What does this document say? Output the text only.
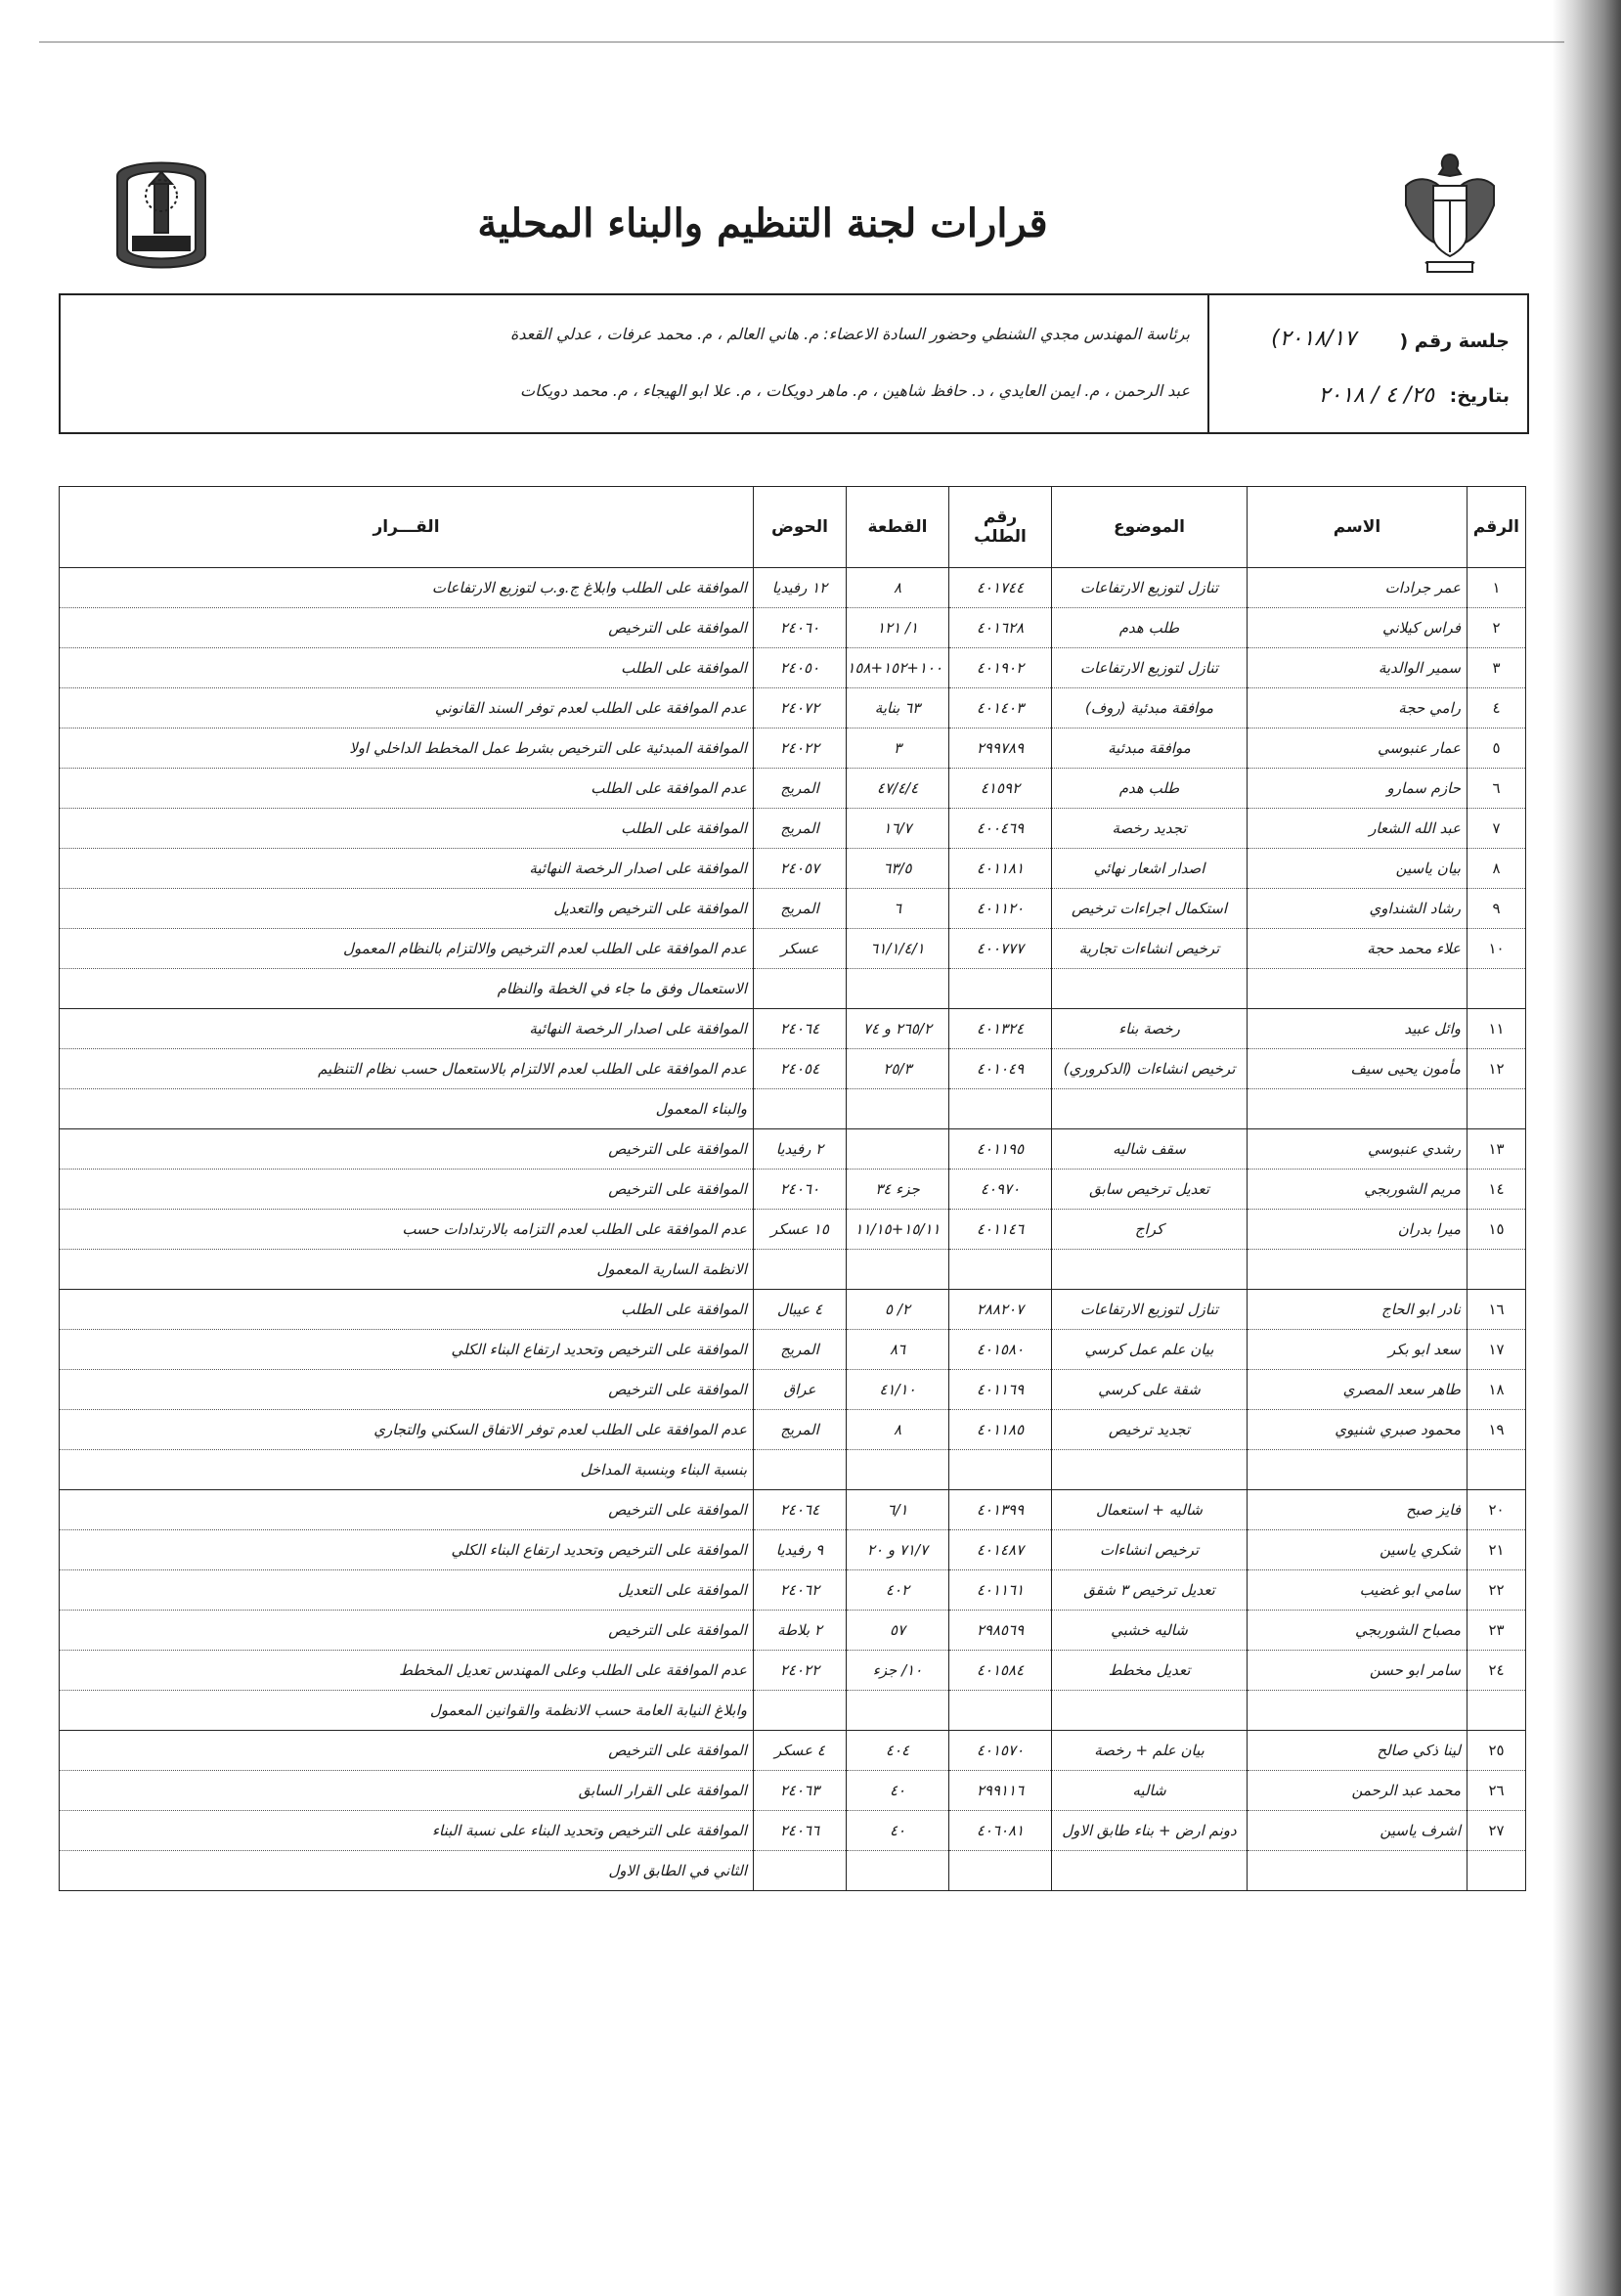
قرارات لجنة التنظيم والبناء المحلية
جلسة رقم (
٢٠١٨/١٧)
بتاريخ:
٢٥/ ٤ / ٢٠١٨
برئاسة المهندس مجدي الشنطي وحضور السادة الاعضاء: م. هاني العالم ، م. محمد عرفات ، عدلي القعدة
عبد الرحمن ، م. ايمن العايدي ، د. حافظ شاهين ، م. ماهر دويكات ، م. علا ابو الهيجاء ، م. محمد دويكات
الرقم	الاسم	الموضوع	رقم الطلب	القطعة	الحوض	القـــرار
١	عمر جرادات	تنازل لتوزيع الارتفاعات	٤٠١٧٤٤	٨	١٢ رفيديا	الموافقة على الطلب وابلاغ ج.و.ب لتوزيع الارتفاعات
٢	فراس كيلاني	طلب هدم	٤٠١٦٢٨	١/ ١٢١	٢٤٠٦٠	الموافقة على الترخيص
٣	سمير الوالدية	تنازل لتوزيع الارتفاعات	٤٠١٩٠٢	١٠٠+١٥٢+١٥٨	٢٤٠٥٠	الموافقة على الطلب
٤	رامي حجة	موافقة مبدئية (روف)	٤٠١٤٠٣	٦٣ بناية	٢٤٠٧٢	عدم الموافقة على الطلب لعدم توفر السند القانوني
٥	عمار عنبوسي	موافقة مبدئية	٢٩٩٧٨٩	٣	٢٤٠٢٢	الموافقة المبدئية على الترخيص بشرط عمل المخطط الداخلي اولا
٦	حازم سمارو	طلب هدم	٤١٥٩٢	٤٧/٤/٤	المريج	عدم الموافقة على الطلب
٧	عبد الله الشعار	تجديد رخصة	٤٠٠٤٦٩	١٦/٧	المريج	الموافقة على الطلب
٨	بيان ياسين	اصدار اشعار نهائي	٤٠١١٨١	٦٣/٥	٢٤٠٥٧	الموافقة على اصدار الرخصة النهائية
٩	رشاد الشنداوي	استكمال اجراءات ترخيص	٤٠١١٢٠	٦	المريج	الموافقة على الترخيص والتعديل
١٠	علاء محمد حجة	ترخيص انشاءات تجارية	٤٠٠٧٧٧	٦١/١/٤/١	عسكر	عدم الموافقة على الطلب لعدم الترخيص والالتزام بالنظام المعمول
						الاستعمال وفق ما جاء في الخطة والنظام
١١	وائل عبيد	رخصة بناء	٤٠١٣٢٤	٢٦٥/٢ و ٧٤	٢٤٠٦٤	الموافقة على اصدار الرخصة النهائية
١٢	مأمون يحيى سيف	ترخيص انشاءات (الدكروري)	٤٠١٠٤٩	٢٥/٣	٢٤٠٥٤	عدم الموافقة على الطلب لعدم الالتزام بالاستعمال حسب نظام التنظيم
						والبناء المعمول
١٣	رشدي عنبوسي	سقف شاليه	٤٠١١٩٥		٢ رفيديا	الموافقة على الترخيص
١٤	مريم الشوربجي	تعديل ترخيص سابق	٤٠٩٧٠	جزء ٣٤	٢٤٠٦٠	الموافقة على الترخيص
١٥	ميرا بدران	كراج	٤٠١١٤٦	١٥/١١+١١/١٥	١٥ عسكر	عدم الموافقة على الطلب لعدم التزامه بالارتدادات حسب
						الانظمة السارية المعمول
١٦	نادر ابو الحاج	تنازل لتوزيع الارتفاعات	٢٨٨٢٠٧	٢/ ٥	٤ عيبال	الموافقة على الطلب
١٧	سعد ابو بكر	بيان علم عمل كرسي	٤٠١٥٨٠	٨٦	المريج	الموافقة على الترخيص وتحديد ارتفاع البناء الكلي
١٨	طاهر سعد المصري	شقة على كرسي	٤٠١١٦٩	٤١/١٠	عراق	الموافقة على الترخيص
١٩	محمود صبري شنيوي	تجديد ترخيص	٤٠١١٨٥	٨	المريج	عدم الموافقة على الطلب لعدم توفر الاتفاق السكني والتجاري
						بنسبة البناء وبنسبة المداخل
٢٠	فايز صبح	شاليه + استعمال	٤٠١٣٩٩	٦/١	٢٤٠٦٤	الموافقة على الترخيص
٢١	شكري ياسين	ترخيص انشاءات	٤٠١٤٨٧	٧١/٧ و ٢٠	٩ رفيديا	الموافقة على الترخيص وتحديد ارتفاع البناء الكلي
٢٢	سامي ابو غضيب	تعديل ترخيص ٣ شقق	٤٠١١٦١	٤٠٢	٢٤٠٦٢	الموافقة على التعديل
٢٣	مصباح الشوربجي	شاليه خشبي	٢٩٨٥٦٩	٥٧	٢ بلاطة	الموافقة على الترخيص
٢٤	سامر ابو حسن	تعديل مخطط	٤٠١٥٨٤	١٠/ جزء	٢٤٠٢٢	عدم الموافقة على الطلب وعلى المهندس تعديل المخطط
						وابلاغ النيابة العامة حسب الانظمة والقوانين المعمول
٢٥	لينا ذكي صالح	بيان علم + رخصة	٤٠١٥٧٠	٤٠٤	٤ عسكر	الموافقة على الترخيص
٢٦	محمد عبد الرحمن	شاليه	٢٩٩١١٦	٤٠	٢٤٠٦٣	الموافقة على القرار السابق
٢٧	اشرف ياسين	دونم ارض + بناء طابق الاول	٤٠٦٠٨١	٤٠	٢٤٠٦٦	الموافقة على الترخيص وتحديد البناء على نسبة البناء
						الثاني في الطابق الاول
